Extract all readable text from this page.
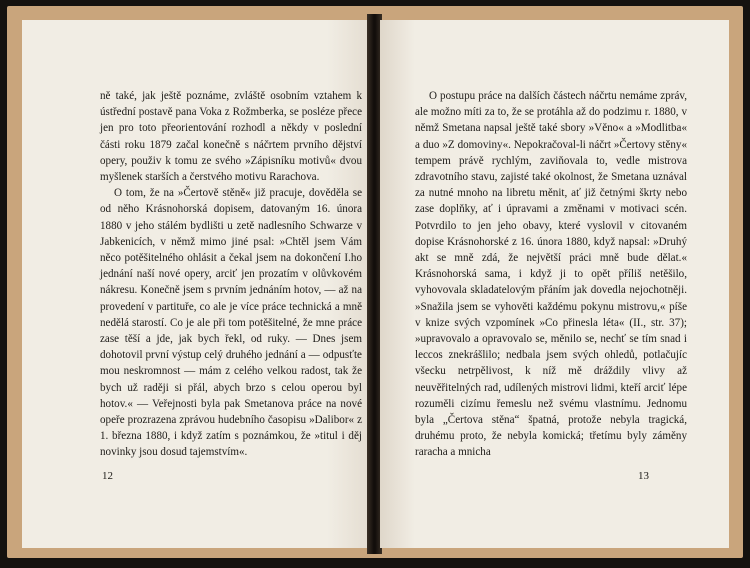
ně také, jak ještě poznáme, zvláště osobním vztahem k ústřední postavě pana Voka z Rožmberka, se posléze přece jen pro toto přeorientování rozhodl a někdy v poslední části roku 1879 začal konečně s náčrtem prvního dějství opery, použiv k tomu ze svého »Zápisníku motivů« dvou myšlenek starších a čerstvého motivu Rarachova.

O tom, že na »Čertově stěně« již pracuje, dověděla se od něho Krásnohorská dopisem, datovaným 16. února 1880 v jeho stálém bydlišti u zetě nadlesního Schwarze v Jabkenicích, v němž mimo jiné psal: »Chtěl jsem Vám něco potěšitelného ohlásit a čekal jsem na dokončení I.ho jednání naší nové opery, arciť jen prozatím v olůvkovém nákresu. Konečně jsem s prvním jednáním hotov, — až na provedení v partituře, co ale je více práce technická a mně nedělá starostí. Co je ale při tom potěšitelné, že mne práce zase těší a jde, jak bych řekl, od ruky. — Dnes jsem dohotovil první výstup celý druhého jednání a — odpusťte mou neskromnost — mám z celého velkou radost, tak že bych už raději si přál, abych brzo s celou operou byl hotov.« — Veřejnosti byla pak Smetanova práce na nové opeře prozrazena zprávou hudebního časopisu »Dalibor« z 1. března 1880, i když zatím s poznámkou, že »titul i děj novinky jsou dosud tajemstvím«.

12

O postupu práce na dalších částech náčrtu nemáme zpráv, ale možno míti za to, že se protáhla až do podzimu r. 1880, v němž Smetana napsal ještě také sbory »Věno« a »Modlitba« a duo »Z domoviny«. Nepokračoval-li náčrt »Čertovy stěny« tempem právě rychlým, zaviňovala to, vedle mistrova zdravotního stavu, zajisté také okolnost, že Smetana uznával za nutné mnoho na libretu měnit, ať již četnými škrty nebo zase doplňky, ať i úpravami a změnami v motivaci scén. Potvrdilo to jen jeho obavy, které vyslovil v citovaném dopise Krásnohorské z 16. února 1880, když napsal: »Druhý akt se mně zdá, že největší práci mně bude dělat.« Krásnohorská sama, i když ji to opět příliš netěšilo, vyhovovala skladatelovým přáním jak dovedla nejochotněji. »Snažila jsem se vyhověti každému pokynu mistrovu,« píše v knize svých vzpomínek »Co přinesla léta« (II., str. 37); »upravovalo a opravovalo se, měnilo se, nechť se tím snad i leccos znekrášlilo; nedbala jsem svých ohledů, potlačujíc všecku netrpělivost, k níž mě dráždily vlivy až neuvěřitelných rad, udílených mistrovi lidmi, kteří arciť lépe rozuměli cizímu řemeslu než svému vlastnímu. Jednomu byla „Čertova stěna“ špatná, protože nebyla tragická, druhému proto, že nebyla komická; třetímu byly záměny raracha a mnicha

13
